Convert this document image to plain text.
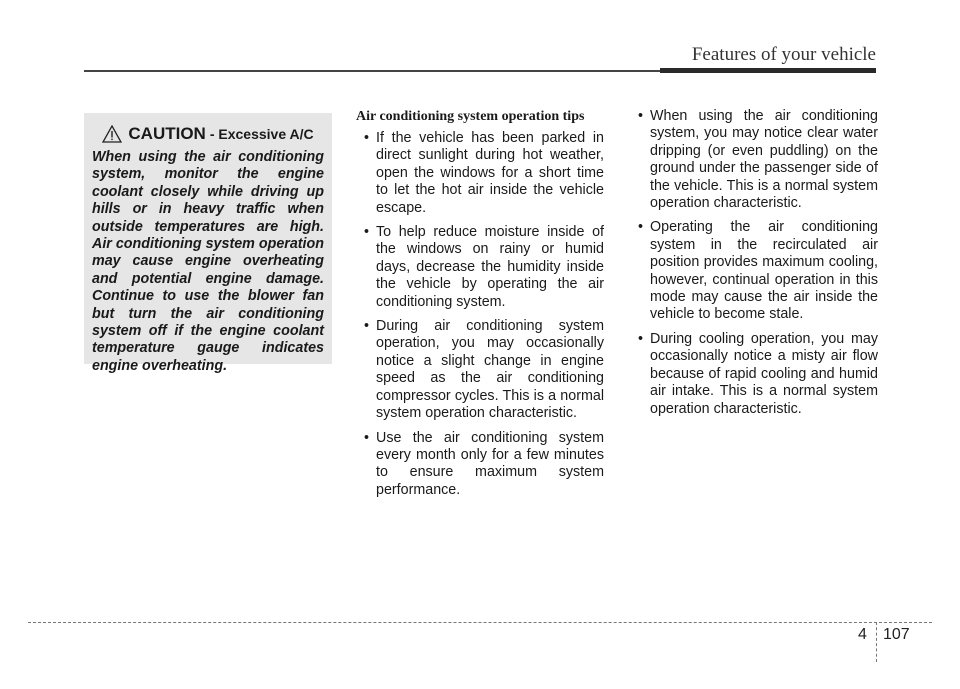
Features of your vehicle
CAUTION - Excessive A/C
When using the air conditioning system, monitor the engine coolant closely while driving up hills or in heavy traffic when outside temperatures are high. Air conditioning system operation may cause engine overheating and potential engine damage. Continue to use the blower fan but turn the air conditioning system off if the engine coolant temperature gauge indicates engine overheating.
Air conditioning system operation tips
• If the vehicle has been parked in direct sunlight during hot weather, open the windows for a short time to let the hot air inside the vehicle escape.
• To help reduce moisture inside of the windows on rainy or humid days, decrease the humidity inside the vehicle by operating the air conditioning system.
• During air conditioning system operation, you may occasionally notice a slight change in engine speed as the air conditioning compressor cycles. This is a normal system operation characteristic.
• Use the air conditioning system every month only for a few minutes to ensure maximum system performance.
• When using the air conditioning system, you may notice clear water dripping (or even puddling) on the ground under the passenger side of the vehicle. This is a normal system operation characteristic.
• Operating the air conditioning system in the recirculated air position provides maximum cooling, however, continual operation in this mode may cause the air inside the vehicle to become stale.
• During cooling operation, you may occasionally notice a misty air flow because of rapid cooling and humid air intake. This is a normal system operation characteristic.
4 107
